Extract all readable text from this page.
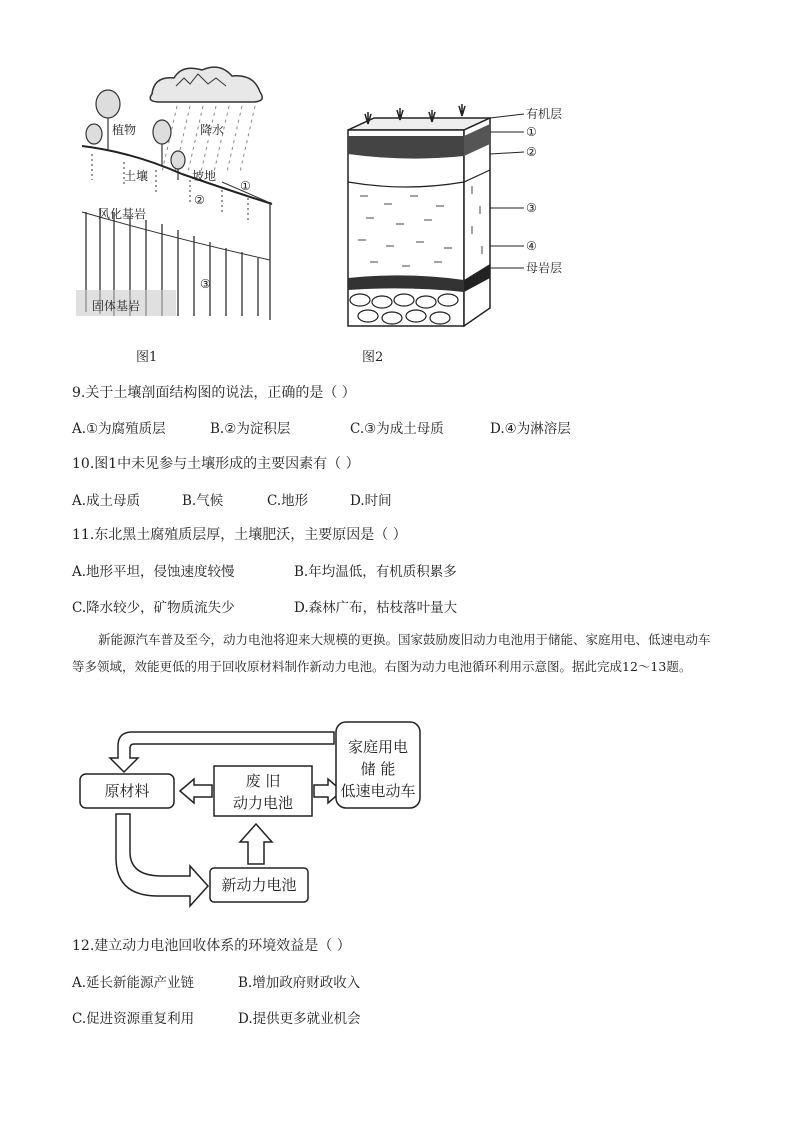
植物	降水
土壤	坡地
①
②
风化基岩
③
固体基岩
有机层
①
②
③
④
母岩层
图1	图2
9.关于土壤剖面结构图的说法，正确的是（ ）
A.①为腐殖质层	B.②为淀积层	C.③为成土母质	D.④为淋溶层
10.图1中未见参与土壤形成的主要因素有（ ）
A.成土母质	B.气候	C.地形	D.时间
11.东北黑土腐殖质层厚，土壤肥沃，主要原因是（ ）
A.地形平坦，侵蚀速度较慢	B.年均温低，有机质积累多
C.降水较少，矿物质流失少	D.森林广布，枯枝落叶量大
新能源汽车普及至今，动力电池将迎来大规模的更换。国家鼓励废旧动力电池用于储能、家庭用电、低速电动车等多领域，效能更低的用于回收原材料制作新动力电池。右图为动力电池循环利用示意图。据此完成12～13题。
原材料
废 旧
动力电池
家庭用电
储 能
低速电动车
新动力电池
12.建立动力电池回收体系的环境效益是（ ）
A.延长新能源产业链	B.增加政府财政收入
C.促进资源重复利用	D.提供更多就业机会
